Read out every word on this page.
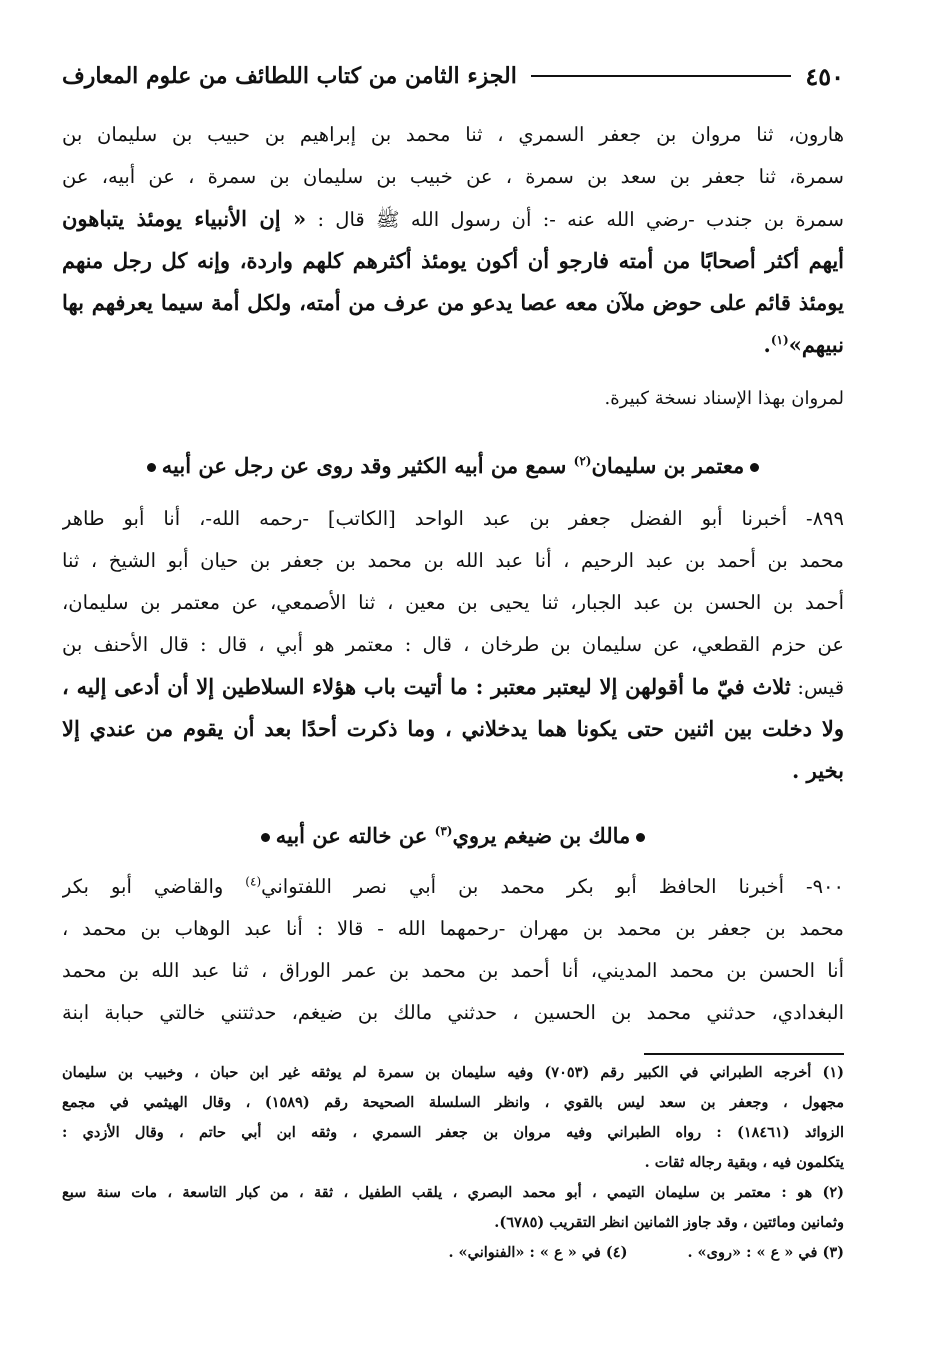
٤٥٠
الجزء الثامن من كتاب اللطائف من علوم المعارف
هارون، ثنا مروان بن جعفر السمري ، ثنا محمد بن إبراهيم بن حبيب بن سليمان بن
سمرة، ثنا جعفر بن سعد بن سمرة ، عن خبيب بن سليمان بن سمرة ، عن أبيه، عن
سمرة بن جندب -رضي الله عنه -: أن رسول الله ﷺ قال : « إن الأنبياء يومئذ يتباهون
أيهم أكثر أصحابًا من أمته فارجو أن أكون يومئذ أكثرهم كلهم واردة، وإنه كل رجل منهم
يومئذ قائم على حوض ملآن معه عصا يدعو من عرف من أمته، ولكل أمة سيما يعرفهم بها
نبيهم»$^{(١)}$.
لمروان بهذا الإسناد نسخة كبيرة.
معتمر بن سليمان$^{(٢)}$ سمع من أبيه الكثير وقد روى عن رجل عن أبيه
٨٩٩- أخبرنا أبو الفضل جعفر بن عبد الواحد [الكاتب] -رحمه الله-، أنا أبو طاهر
محمد بن أحمد بن عبد الرحيم ، أنا عبد الله بن محمد بن جعفر بن حيان أبو الشيخ ، ثنا
أحمد بن الحسن بن عبد الجبار، ثنا يحيى بن معين ، ثنا الأصمعي، عن معتمر بن سليمان،
عن حزم القطعي، عن سليمان بن طرخان ، قال : معتمر هو أبي ، قال : قال الأحنف بن
قيس: ثلاث فيّ ما أقولهن إلا ليعتبر معتبر : ما أتيت باب هؤلاء السلاطين إلا أن أدعى إليه ،
ولا دخلت بين اثنين حتى يكونا هما يدخلاني ، وما ذكرت أحدًا بعد أن يقوم من عندي إلا
بخير .
مالك بن ضيغم يروي$^{(٣)}$ عن خالته عن أبيه
٩٠٠- أخبرنا الحافظ أبو بكر محمد بن أبي نصر اللفتواني$^{(٤)}$ والقاضي أبو بكر
محمد بن جعفر بن محمد بن مهران -رحمهما الله - قالا : أنا عبد الوهاب بن محمد ،
أنا الحسن بن محمد المديني، أنا أحمد بن محمد بن عمر الوراق ، ثنا عبد الله بن محمد
البغدادي، حدثني محمد بن الحسين ، حدثني مالك بن ضيغم، حدثتني خالتي حبابة ابنة
(١) أخرجه الطبراني في الكبير رقم (٧٠٥٣) وفيه سليمان بن سمرة لم يوثقه غير ابن حبان ، وخبيب بن سليمان
مجهول ، وجعفر بن سعد ليس بالقوي ، وانظر السلسلة الصحيحة رقم (١٥٨٩) ، وقال الهيثمي في مجمع
الزوائد (١٨٤٦١) : رواه الطبراني وفيه مروان بن جعفر السمري ، وثقه ابن أبي حاتم ، وقال الأزدي :
يتكلمون فيه ، وبقية رجاله ثقات .
(٢) هو : معتمر بن سليمان التيمي ، أبو محمد البصري ، يلقب الطفيل ، ثقة ، من كبار التاسعة ، مات سنة سبع
وثمانين ومائتين ، وقد جاوز الثمانين انظر التقريب (٦٧٨٥).
(٣) في « ع » : «روى» .
(٤) في « ع » : «الفنواني» .
